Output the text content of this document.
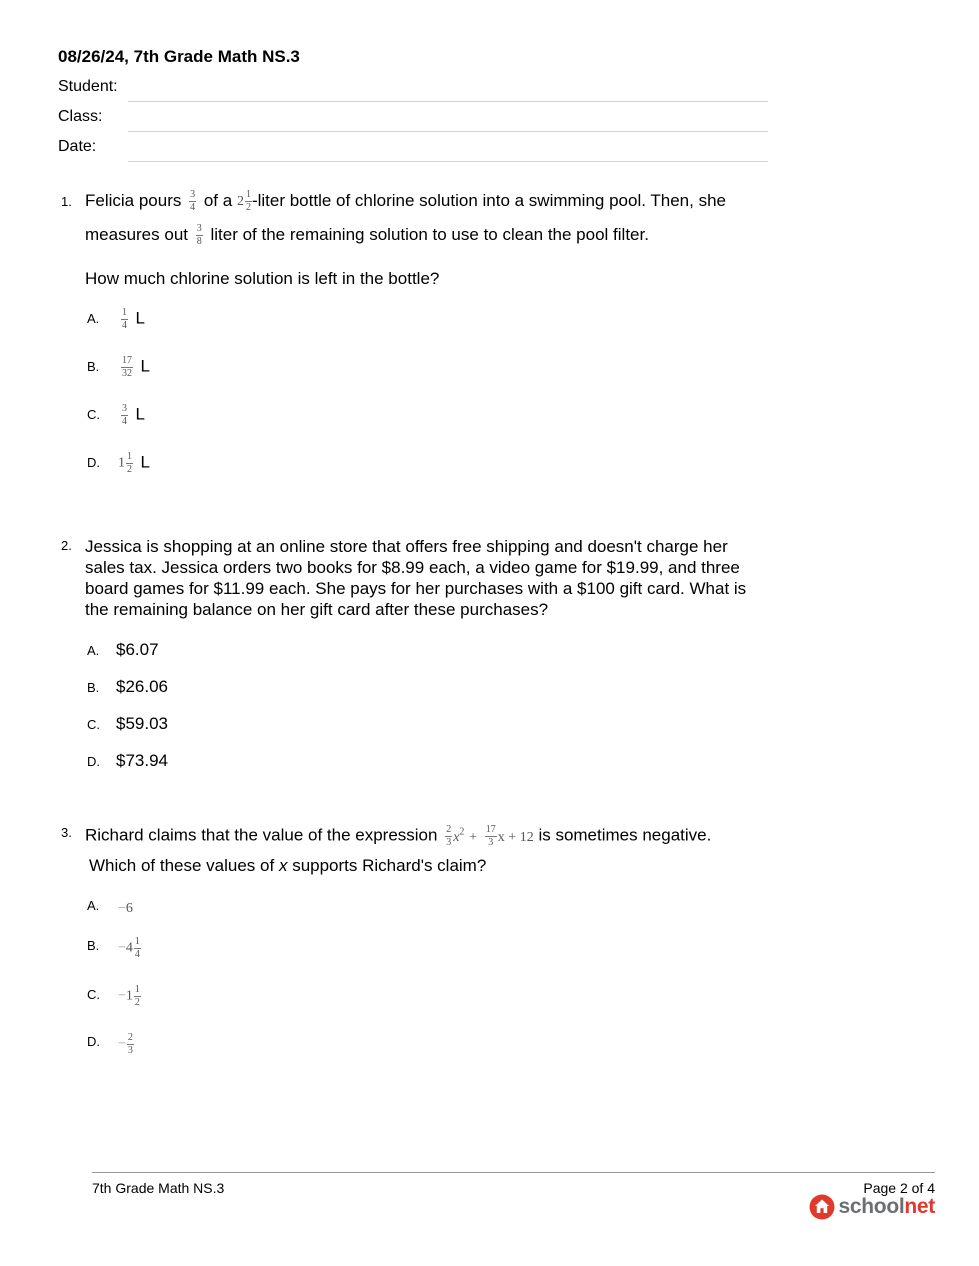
08/26/24, 7th Grade Math NS.3
Student:
Class:
Date:
1. Felicia pours $\frac{3}{4}$ of a $2 \frac{1}{2}$ -liter bottle of chlorine solution into a swimming pool. Then, she
measures out $\frac{3}{8}$ liter of the remaining solution to use to clean the pool filter.
How much chlorine solution is left in the bottle?
A. $\frac{1}{4}$ L
B. $\frac{17}{32}$ L
C. $\frac{3}{4}$ L
D. $1 \frac{1}{2}$ L
2. Jessica is shopping at an online store that offers free shipping and doesn't charge her
sales tax. Jessica orders two books for $8.99 each, a video game for $19.99, and three
board games for $11.99 each. She pays for her purchases with a $100 gift card. What is
the remaining balance on her gift card after these purchases?
A. $6.07
B. $26.06
C. $59.03
D. $73.94
3. Richard claims that the value of the expression $\frac{2}{3} x^2 + \frac{17}{3}$ x + 12 is sometimes negative.
Which of these values of x supports Richard's claim?
A. −6
B. $-4 \frac{1}{4}$
C. $-1 \frac{1}{2}$
D. − $\frac{2}{3}$
7th Grade Math NS.3	Page 2 of 4
schoolnet
